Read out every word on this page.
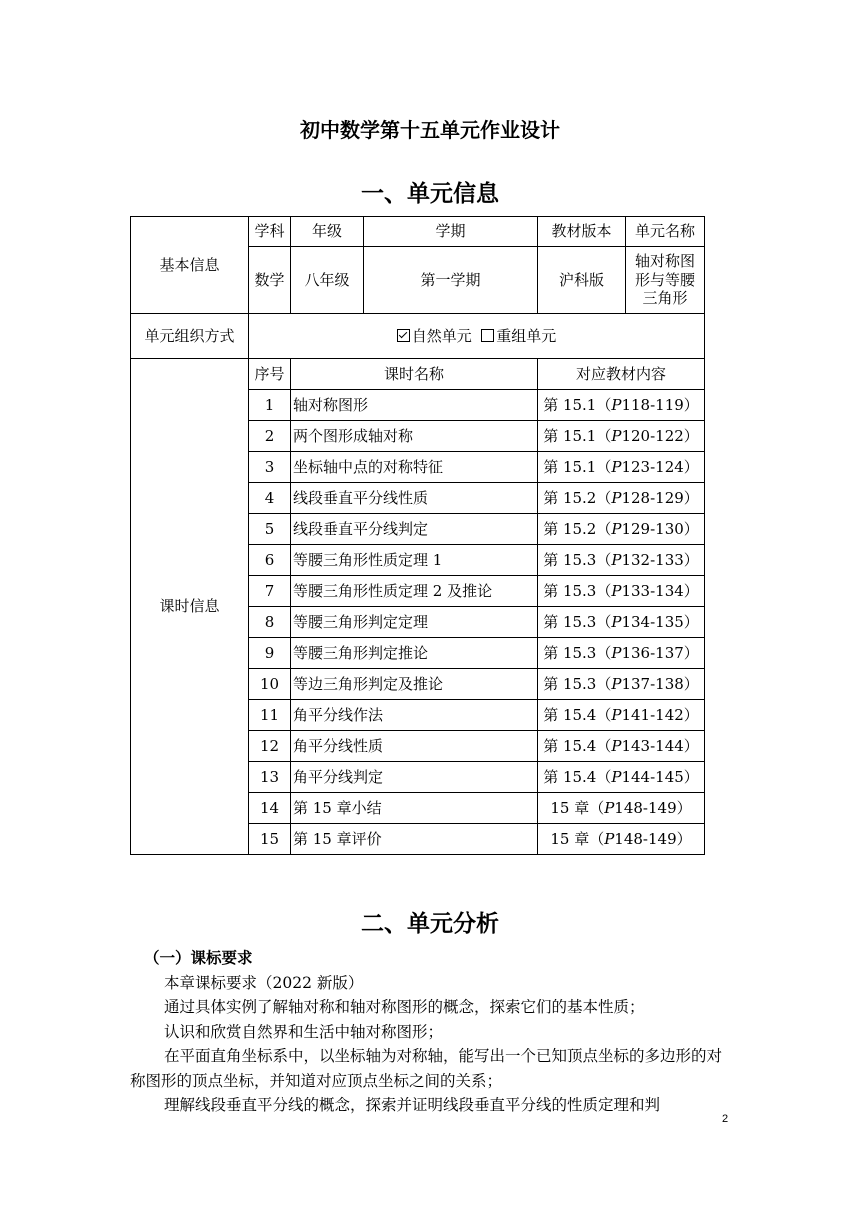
初中数学第十五单元作业设计
一、单元信息
基本信息	学科	年级	学期	教材版本	单元名称
	数学	八年级	第一学期	沪科版	轴对称图形与等腰三角形
单元组织方式	自然单元 重组单元				
课时信息	序号	课时名称		对应教材内容	
	1	轴对称图形		第 15.1（P118-119）	
	2	两个图形成轴对称		第 15.1（P120-122）	
	3	坐标轴中点的对称特征		第 15.1（P123-124）	
	4	线段垂直平分线性质		第 15.2（P128-129）	
	5	线段垂直平分线判定		第 15.2（P129-130）	
	6	等腰三角形性质定理 1		第 15.3（P132-133）	
	7	等腰三角形性质定理 2 及推论		第 15.3（P133-134）	
	8	等腰三角形判定定理		第 15.3（P134-135）	
	9	等腰三角形判定推论		第 15.3（P136-137）	
	10	等边三角形判定及推论		第 15.3（P137-138）	
	11	角平分线作法		第 15.4（P141-142）	
	12	角平分线性质		第 15.4（P143-144）	
	13	角平分线判定		第 15.4（P144-145）	
	14	第 15 章小结		15 章（P148-149）	
	15	第 15 章评价		15 章（P148-149）	
二、单元分析

（一）课标要求

本章课标要求（2022 新版）

通过具体实例了解轴对称和轴对称图形的概念，探索它们的基本性质；

认识和欣赏自然界和生活中轴对称图形；

在平面直角坐标系中，以坐标轴为对称轴，能写出一个已知顶点坐标的多边形的对称图形的顶点坐标，并知道对应顶点坐标之间的关系；

理解线段垂直平分线的概念，探索并证明线段垂直平分线的性质定理和判

2
